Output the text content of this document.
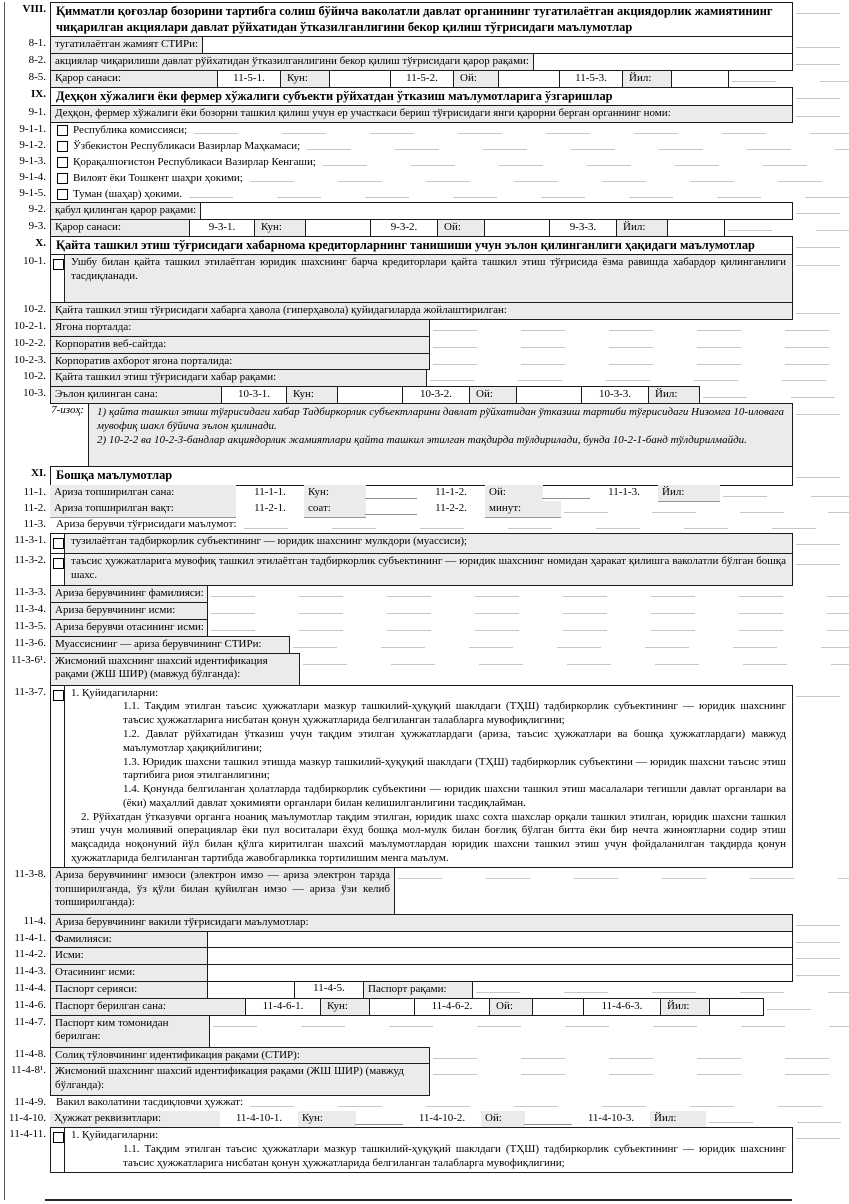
VIII. Қимматли қоғозлар бозорини тартибга солиш бўйича ваколатли давлат органининг тугатилаётган акциядорлик жамиятининг чиқарилган акциялари давлат рўйхатидан ўтказилганлигини бекор қилиш тўғрисидаги маълумотлар
8-1. тугатилаётган жамият СТИРи:
8-2. акциялар чиқарилиши давлат рўйхатидан ўтказилганлигини бекор қилиш тўғрисидаги қарор рақами:
8-5. Қарор санаси:	11-5-1.	Кун:	11-5-2.	Ой:	11-5-3.	Йил:
IX. Деҳқон хўжалиги ёки фермер хўжалиги субъекти рўйхатдан ўтказиш маълумотларига ўзгаришлар
9-1. Деҳқон, фермер хўжалиги ёки бозорни ташкил қилиш учун ер участкаси бериш тўғрисидаги янги қарорни берган органнинг номи:
9-1-1.	Республика комиссияси;
9-1-2.	Ўзбекистон Республикаси Вазирлар Маҳкамаси;
9-1-3.	Қорақалпоғистон Республикаси Вазирлар Кенгаши;
9-1-4.	Вилоят ёки Тошкент шаҳри ҳокими;
9-1-5.	Туман (шаҳар) ҳокими.
9-2. қабул қилинган қарор рақами:
9-3. Қарор санаси:	9-3-1.	Кун:	9-3-2.	Ой:	9-3-3.	Йил:
X. Қайта ташкил этиш тўғрисидаги хабарнома кредиторларнинг танишиши учун эълон қилинганлиги ҳақидаги маълумотлар
10-1.	Ушбу билан қайта ташкил этилаётган юридик шахснинг барча кредиторлари қайта ташкил этиш тўғрисида ёзма равишда хабардор қилинганлиги тасдиқланади.
10-2. Қайта ташкил этиш тўғрисидаги хабарга ҳавола (гиперҳавола) қуйидагиларда жойлаштирилган:
10-2-1. Ягона порталда:
10-2-2. Корпоратив веб-сайтда:
10-2-3. Корпоратив ахборот ягона порталида:
10-2. Қайта ташкил этиш тўғрисидаги хабар рақами:
10-3. Эълон қилинган сана:	10-3-1.	Кун:	10-3-2.	Ой:	10-3-3.	Йил:
7-изоҳ:	1) қайта ташкил этиш тўғрисидаги хабар Тадбиркорлик субъектларини давлат рўйхатидан ўтказиш тартиби тўғрисидаги Низомга 10-иловага мувофиқ шакл бўйича эълон қилинади.
2) 10-2-2 ва 10-2-3-бандлар акциядорлик жамиятлари қайта ташкил этилган тақдирда тўлдирилади, бунда 10-2-1-банд тўлдирилмайди.
XI. Бошқа маълумотлар
11-1. Ариза топширилган сана:	11-1-1.	Кун:	11-1-2.	Ой:	11-1-3.	Йил:
11-2. Ариза топширилган вақт:	11-2-1.	соат:	11-2-2.	минут:
11-3. Ариза берувчи тўғрисидаги маълумот:
11-3-1.	тузилаётган тадбиркорлик субъектининг — юридик шахснинг мулкдори (муассиси);
11-3-2.	таъсис ҳужжатларига мувофиқ ташкил этилаётган тадбиркорлик субъектининг — юридик шахснинг номидан ҳаракат қилишга ваколатли бўлган бошқа шахс.
11-3-3. Ариза берувчининг фамилияси:
11-3-4. Ариза берувчининг исми:
11-3-5. Ариза берувчи отасининг исми:
11-3-6. Муассиснинг — ариза берувчининг СТИРи:
11-3-6¹. Жисмоний шахснинг шахсий идентификация рақами (ЖШ ШИР) (мавжуд бўлганда):
11-3-7.	1. Қуйидагиларни:
1.1. Тақдим этилган таъсис ҳужжатлари мазкур ташкилий-ҳуқуқий шаклдаги (ТҲШ) тадбиркорлик субъектининг — юридик шахснинг таъсис ҳужжатларига нисбатан қонун ҳужжатларида белгиланган талабларга мувофиқлигини;
1.2. Давлат рўйхатидан ўтказиш учун тақдим этилган ҳужжатлардаги (ариза, таъсис ҳужжатлари ва бошқа ҳужжатлардаги) мавжуд маълумотлар ҳақиқийлигини;
1.3. Юридик шахсни ташкил этишда мазкур ташкилий-ҳуқуқий шаклдаги (ТҲШ) тадбиркорлик субъектини — юридик шахсни таъсис этиш тартибига риоя этилганлигини;
1.4. Қонунда белгиланган ҳолатларда тадбиркорлик субъектини — юридик шахсни ташкил этиш масалалари тегишли давлат органлари ва (ёки) маҳаллий давлат ҳокимияти органлари билан келишилганлигини тасдиқлайман.
2. Рўйхатдан ўтказувчи органга ноаниқ маълумотлар тақдим этилган, юридик шахс сохта шахслар орқали ташкил этилган, юридик шахсни ташкил этиш учун молиявий операциялар ёки пул воситалари ёхуд бошқа мол-мулк билан боғлиқ бўлган битта ёки бир нечта жиноятларни содир этиш мақсадида ноқонуний йўл билан қўлга киритилган шахсий маълумотлардан юридик шахсни ташкил этиш учун фойдаланилган тақдирда қонун ҳужжатларида белгиланган тартибда жавобгарликка тортилишим менга маълум.
11-3-8. Ариза берувчининг имзоси (электрон имзо — ариза электрон тарзда топширилганда, ўз қўли билан қуйилган имзо — ариза ўзи келиб топширилганда):
11-4. Ариза берувчининг вакили тўғрисидаги маълумотлар:
11-4-1. Фамилияси:
11-4-2. Исми:
11-4-3. Отасининг исми:
11-4-4. Паспорт серияси:	11-4-5.	Паспорт рақами:
11-4-6. Паспорт берилган сана:	11-4-6-1.	Кун:	11-4-6-2.	Ой:	11-4-6-3.	Йил:
11-4-7. Паспорт ким томонидан берилган:
11-4-8. Солиқ тўловчининг идентификация рақами (СТИР):
11-4-8¹. Жисмоний шахснинг шахсий идентификация рақами (ЖШ ШИР) (мавжуд бўлганда):
11-4-9. Вакил ваколатини тасдиқловчи ҳужжат:
11-4-10. Ҳужжат реквизитлари:	11-4-10-1.	Кун:	11-4-10-2.	Ой:	11-4-10-3.	Йил:
11-4-11.	1. Қуйидагиларни:
1.1. Тақдим этилган таъсис ҳужжатлари мазкур ташкилий-ҳуқуқий шаклдаги (ТҲШ) тадбиркорлик субъектининг — юридик шахснинг таъсис ҳужжатларига нисбатан қонун ҳужжатларида белгиланган талабларга мувофиқлигини;
